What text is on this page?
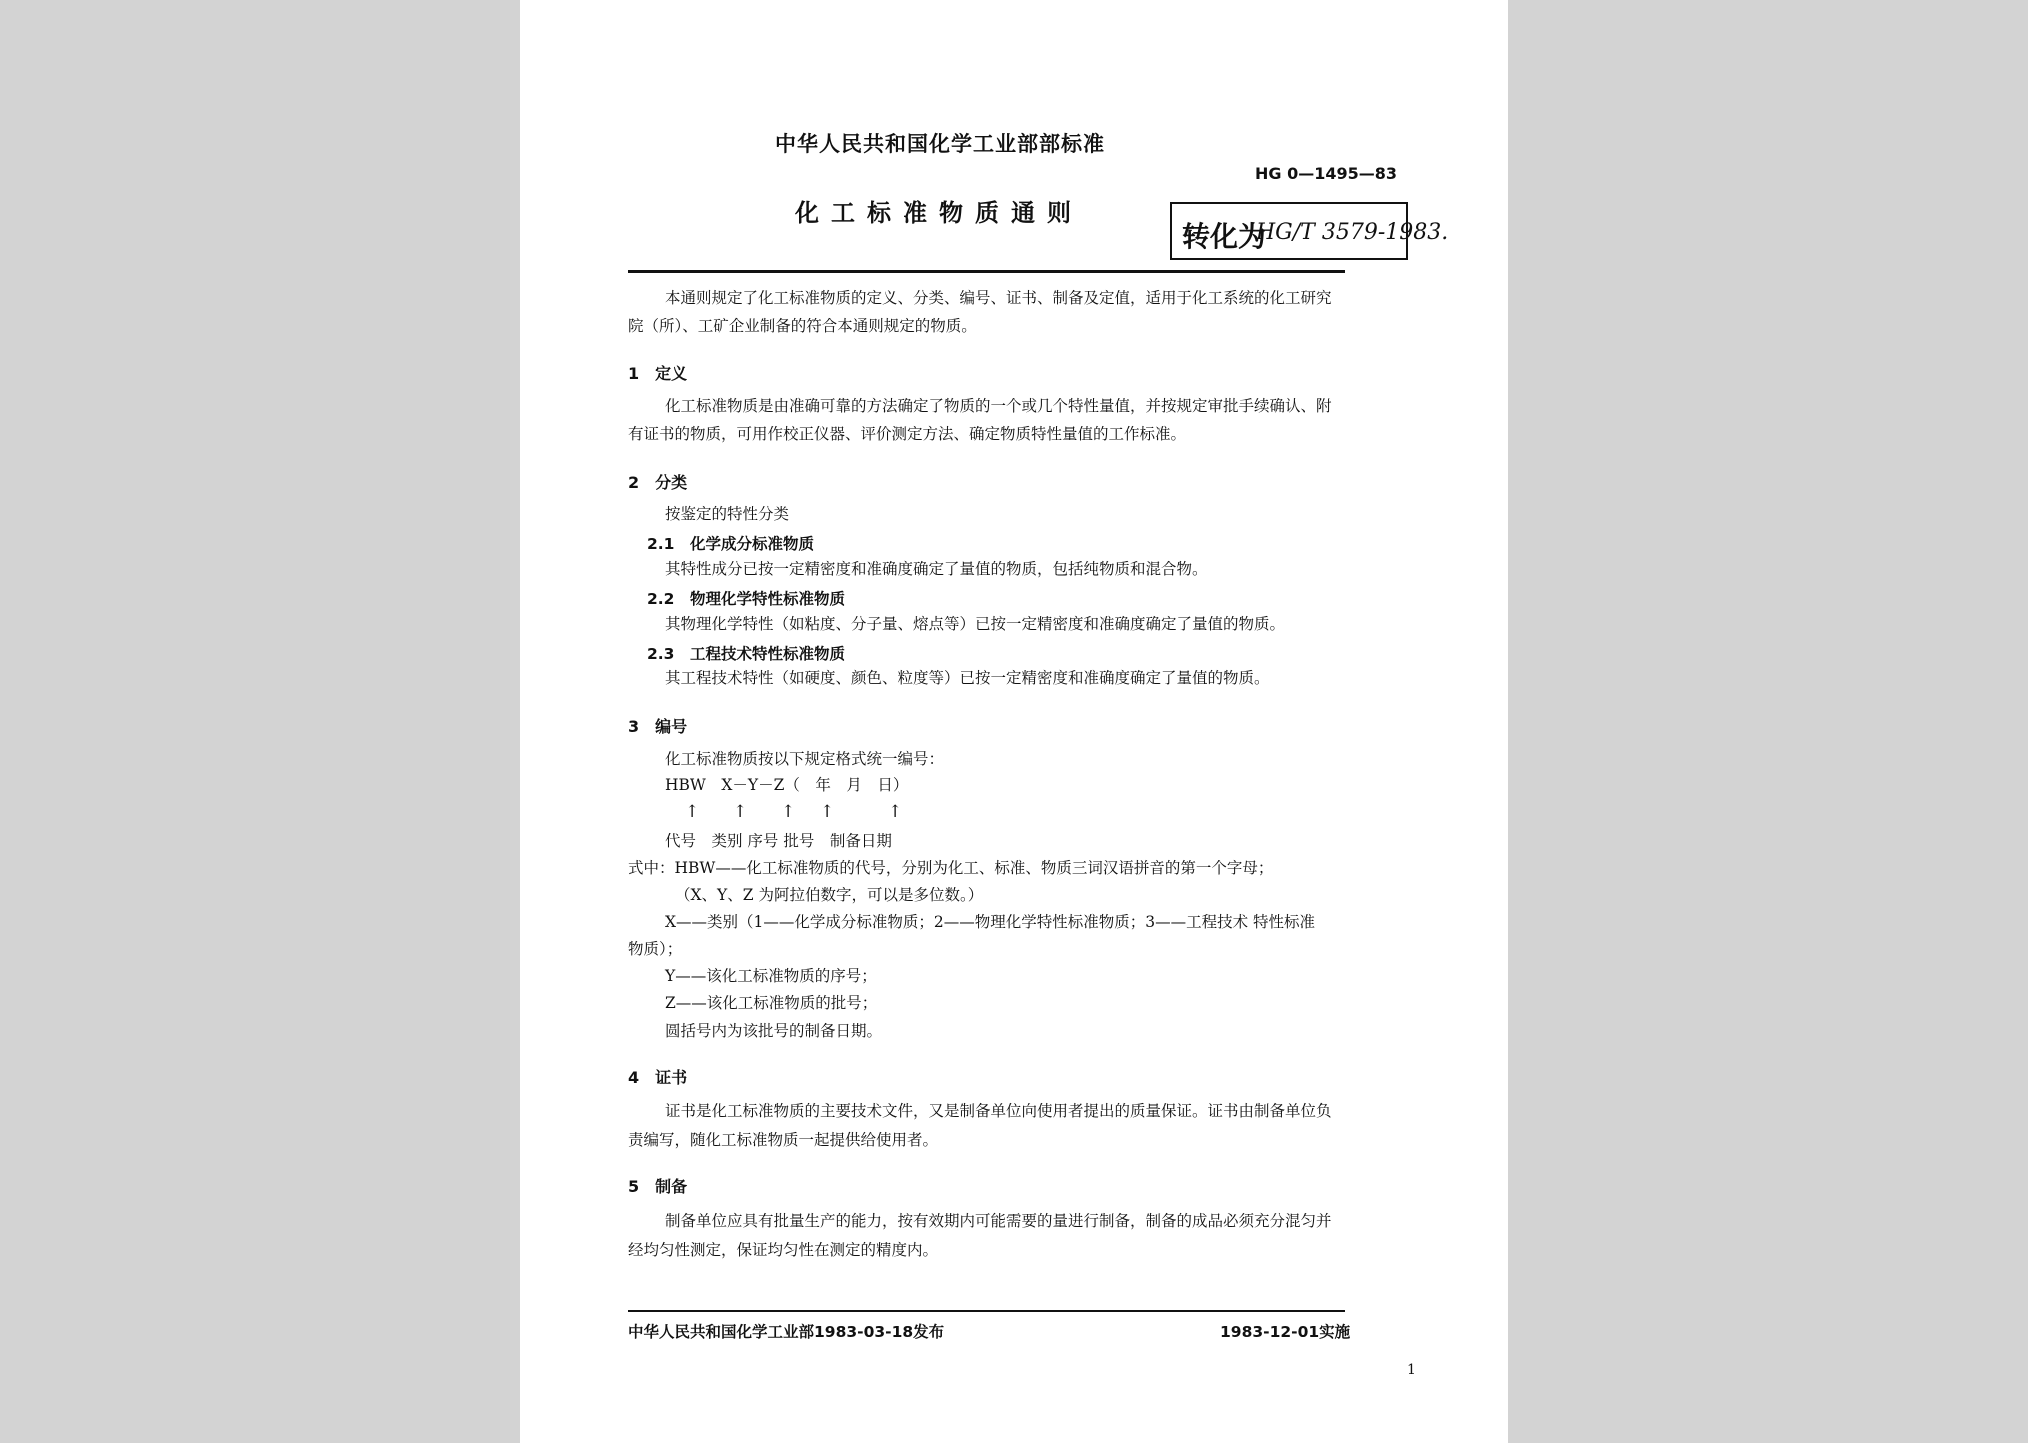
中华人民共和国化学工业部部标准
HG 0—1495—83
化工标准物质通则
转化为
HG/T 3579-1983.
本通则规定了化工标准物质的定义、分类、编号、证书、制备及定值，适用于化工系统的化工研究
院（所）、工矿企业制备的符合本通则规定的物质。
1　定义
化工标准物质是由准确可靠的方法确定了物质的一个或几个特性量值，并按规定审批手续确认、附
有证书的物质，可用作校正仪器、评价测定方法、确定物质特性量值的工作标准。
2　分类
按鉴定的特性分类
2.1　化学成分标准物质
其特性成分已按一定精密度和准确度确定了量值的物质，包括纯物质和混合物。
2.2　物理化学特性标准物质
其物理化学特性（如粘度、分子量、熔点等）已按一定精密度和准确度确定了量值的物质。
2.3　工程技术特性标准物质
其工程技术特性（如硬度、颜色、粒度等）已按一定精密度和准确度确定了量值的物质。
3　编号
化工标准物质按以下规定格式统一编号：
HBW　X－Y－Z（　年　月　日）
↑ ↑ ↑ ↑	↑
代号　类别 序号 批号　制备日期
式中：HBW——化工标准物质的代号，分别为化工、标准、物质三词汉语拼音的第一个字母；
（X、Y、Z 为阿拉伯数字，可以是多位数。）
X——类别（1——化学成分标准物质；2——物理化学特性标准物质；3——工程技术 特性标准
物质）；
Y——该化工标准物质的序号；
Z——该化工标准物质的批号；
圆括号内为该批号的制备日期。
4　证书
证书是化工标准物质的主要技术文件，又是制备单位向使用者提出的质量保证。证书由制备单位负
责编写，随化工标准物质一起提供给使用者。
5　制备
制备单位应具有批量生产的能力，按有效期内可能需要的量进行制备，制备的成品必须充分混匀并
经均匀性测定，保证均匀性在测定的精度内。
中华人民共和国化学工业部1983-03-18发布	1983-12-01实施
1
